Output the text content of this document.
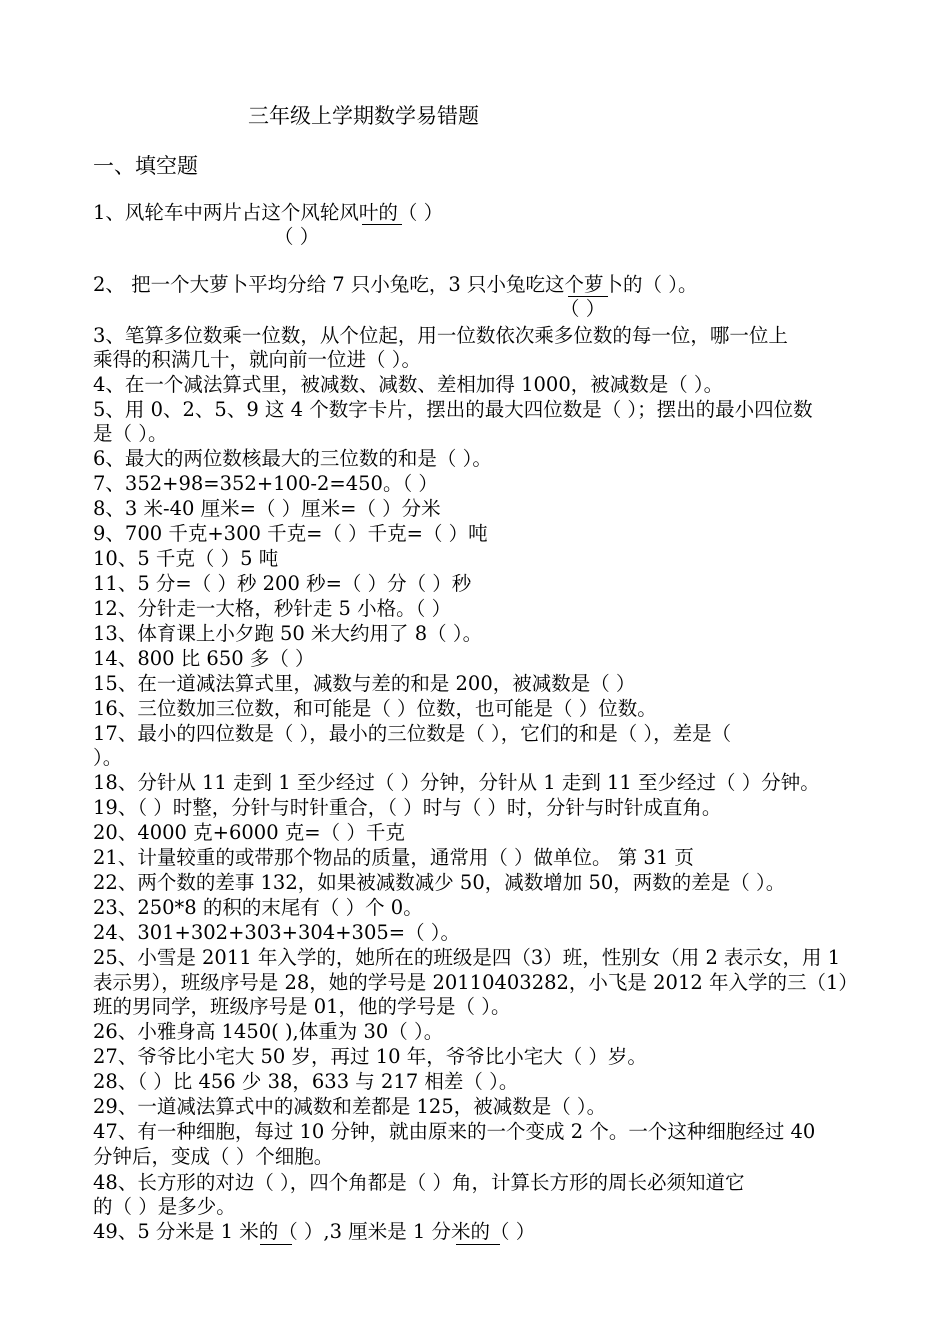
三年级上学期数学易错题
一、填空题
1、风轮车中两片占这个风轮风叶的（ ）
2、 把一个大萝卜平均分给 7 只小兔吃，3 只小兔吃这个萝卜的（ ）。
3、笔算多位数乘一位数，从个位起，用一位数依次乘多位数的每一位，哪一位上
乘得的积满几十，就向前一位进（ ）。
4、在一个减法算式里，被减数、减数、差相加得 1000，被减数是（ ）。
5、用 0、2、5、9 这 4 个数字卡片，摆出的最大四位数是（ ）；摆出的最小四位数
是（ ）。
6、最大的两位数核最大的三位数的和是（ ）。
7、352+98=352+100-2=450。（ ）
8、3 米-40 厘米=（ ）厘米=（ ）分米
9、700 千克+300 千克=（ ）千克=（ ）吨
10、5 千克（ ）5 吨
11、5 分=（ ）秒 200 秒=（ ）分（ ）秒
12、分针走一大格，秒针走 5 小格。（ ）
13、体育课上小夕跑 50 米大约用了 8（ ）。
14、800 比 650 多（ ）
15、在一道减法算式里，减数与差的和是 200，被减数是（ ）
16、三位数加三位数，和可能是（ ）位数，也可能是（ ）位数。
17、最小的四位数是（ ），最小的三位数是（ ），它们的和是（ ），差是（
）。
18、分针从 11 走到 1 至少经过（ ）分钟，分针从 1 走到 11 至少经过（ ）分钟。
19、（ ）时整，分针与时针重合，（ ）时与（ ）时，分针与时针成直角。
20、4000 克+6000 克=（ ）千克
21、计量较重的或带那个物品的质量，通常用（ ）做单位。 第 31 页
22、两个数的差事 132，如果被减数减少 50，减数增加 50，两数的差是（ ）。
23、250*8 的积的末尾有（ ）个 0。
24、301+302+303+304+305=（ ）。
25、小雪是 2011 年入学的，她所在的班级是四（3）班，性别女（用 2 表示女，用 1
表示男），班级序号是 28，她的学号是 20110403282，小飞是 2012 年入学的三（1）
班的男同学，班级序号是 01，他的学号是（ ）。
26、小雅身高 1450( ),体重为 30（ ）。
27、爷爷比小宅大 50 岁，再过 10 年，爷爷比小宅大（ ）岁。
28、（ ）比 456 少 38，633 与 217 相差（ ）。
29、一道减法算式中的减数和差都是 125，被减数是（ ）。
47、有一种细胞，每过 10 分钟，就由原来的一个变成 2 个。一个这种细胞经过 40
分钟后，变成（ ）个细胞。
48、长方形的对边（ ），四个角都是（ ）角，计算长方形的周长必须知道它
的（ ）是多少。
49、5 分米是 1 米的（ ）,3 厘米是 1 分米的（ ）
（ ）
（ ）
